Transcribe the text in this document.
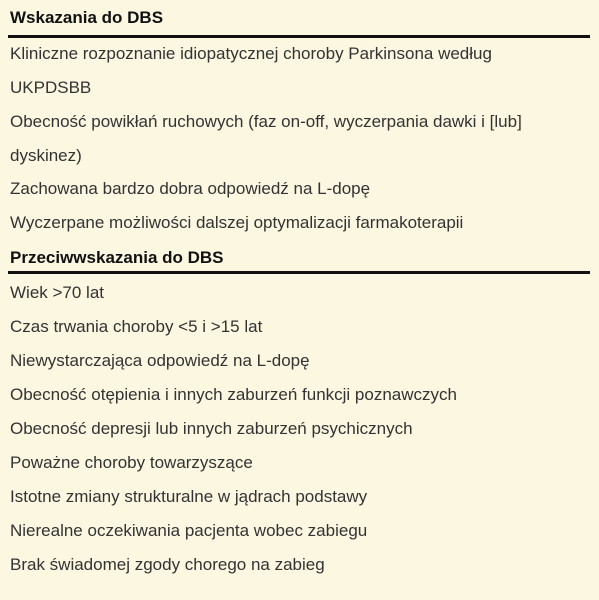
Wskazania do DBS
Kliniczne rozpoznanie idiopatycznej choroby Parkinsona według
UKPDSBB
Obecność powikłań ruchowych (faz on-off, wyczerpania dawki i [lub]
dyskinez)
Zachowana bardzo dobra odpowiedź na L-dopę
Wyczerpane możliwości dalszej optymalizacji farmakoterapii
Przeciwwskazania do DBS
Wiek >70 lat
Czas trwania choroby <5 i >15 lat
Niewystarczająca odpowiedź na L-dopę
Obecność otępienia i innych zaburzeń funkcji poznawczych
Obecność depresji lub innych zaburzeń psychicznych
Poważne choroby towarzyszące
Istotne zmiany strukturalne w jądrach podstawy
Nierealne oczekiwania pacjenta wobec zabiegu
Brak świadomej zgody chorego na zabieg
